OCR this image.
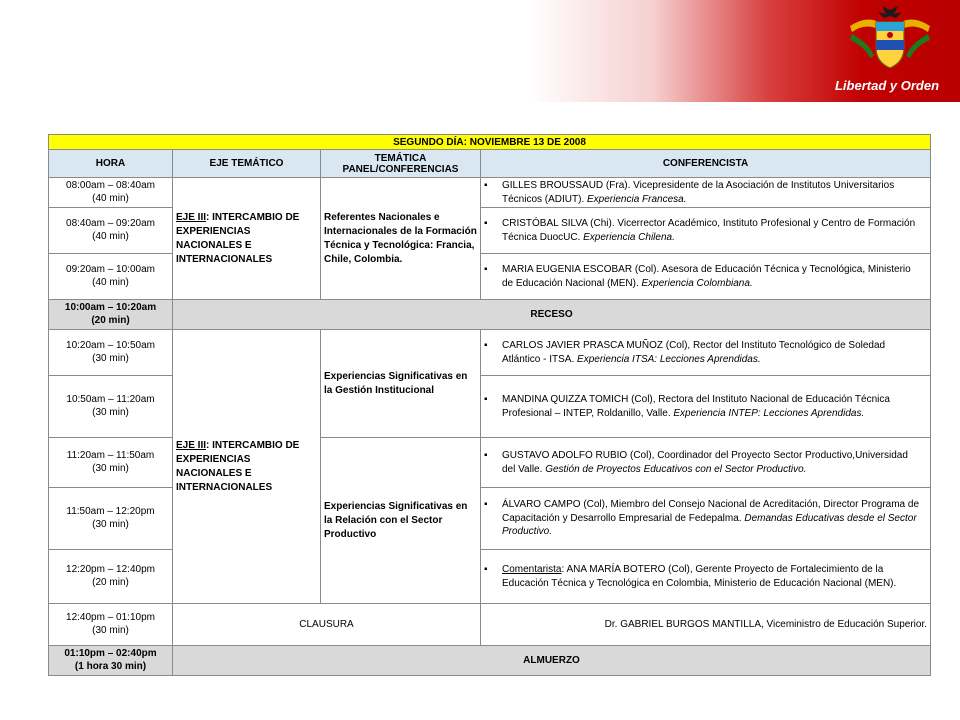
Libertad y Orden
SEGUNDO DÍA: NOVIEMBRE 13 DE 2008			
HORA	EJE TEMÁTICO	TEMÁTICA PANEL/CONFERENCIAS	CONFERENCISTA

08:00am – 08:40am
(40 min)	EJE III: INTERCAMBIO DE EXPERIENCIAS NACIONALES E INTERNACIONALES	Referentes Nacionales e Internacionales de la Formación Técnica y Tecnológica: Francia, Chile, Colombia.	▪ GILLES BROUSSAUD (Fra). Vicepresidente de la Asociación de Institutos Universitarios Técnicos (ADIUT). Experiencia Francesa.

08:40am – 09:20am
(40 min)			▪ CRISTÓBAL SILVA (Chi). Vicerrector Académico, Instituto Profesional y Centro de Formación Técnica DuocUC. Experiencia Chilena.

09:20am – 10:00am
(40 min)			▪ MARIA EUGENIA ESCOBAR (Col). Asesora de Educación Técnica y Tecnológica, Ministerio de Educación Nacional (MEN). Experiencia Colombiana.

10:00am – 10:20am
(20 min)	RECESO		

10:20am – 10:50am
(30 min)	EJE III: INTERCAMBIO DE EXPERIENCIAS NACIONALES E INTERNACIONALES	Experiencias Significativas en la Gestión Institucional	▪ CARLOS JAVIER PRASCA MUÑOZ (Col), Rector del Instituto Tecnológico de Soledad Atlántico - ITSA. Experiencia ITSA: Lecciones Aprendidas.

10:50am – 11:20am
(30 min)			▪ MANDINA QUIZZA TOMICH (Col), Rectora del Instituto Nacional de Educación Técnica Profesional – INTEP, Roldanillo, Valle. Experiencia INTEP: Lecciones Aprendidas.

11:20am – 11:50am
(30 min)		Experiencias Significativas en la Relación con el Sector Productivo	▪ GUSTAVO ADOLFO RUBIO (Col), Coordinador del Proyecto Sector Productivo,Universidad del Valle. Gestión de Proyectos Educativos con el Sector Productivo.

11:50am – 12:20pm
(30 min)			▪ ÁLVARO CAMPO (Col), Miembro del Consejo Nacional de Acreditación, Director Programa de Capacitación y Desarrollo Empresarial de Fedepalma. Demandas Educativas desde el Sector Productivo.

12:20pm – 12:40pm
(20 min)			▪ Comentarista: ANA MARÍA BOTERO (Col), Gerente Proyecto de Fortalecimiento de la Educación Técnica y Tecnológica en Colombia, Ministerio de Educación Nacional (MEN).

12:40pm – 01:10pm
(30 min)	CLAUSURA		Dr. GABRIEL BURGOS MANTILLA, Viceministro de Educación Superior.

01:10pm – 02:40pm
(1 hora 30 min)	ALMUERZO		
